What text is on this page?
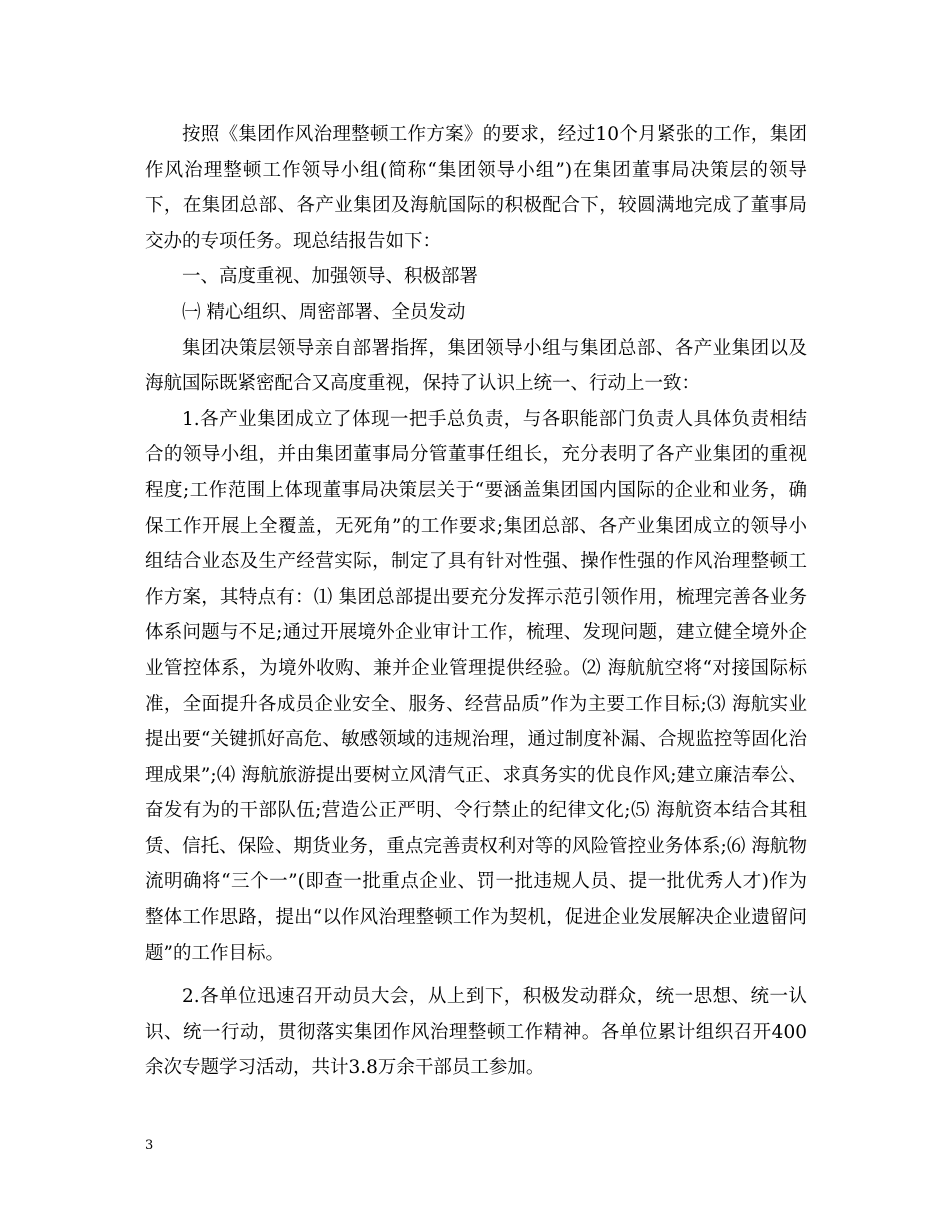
按照《集团作风治理整顿工作方案》的要求，经过10个月紧张的工作，集团作风治理整顿工作领导小组(简称“集团领导小组”)在集团董事局决策层的领导下，在集团总部、各产业集团及海航国际的积极配合下，较圆满地完成了董事局交办的专项任务。现总结报告如下：

一、高度重视、加强领导、积极部署

㈠ 精心组织、周密部署、全员发动

集团决策层领导亲自部署指挥，集团领导小组与集团总部、各产业集团以及海航国际既紧密配合又高度重视，保持了认识上统一、行动上一致：

1.各产业集团成立了体现一把手总负责，与各职能部门负责人具体负责相结合的领导小组，并由集团董事局分管董事任组长，充分表明了各产业集团的重视程度;工作范围上体现董事局决策层关于“要涵盖集团国内国际的企业和业务，确保工作开展上全覆盖，无死角”的工作要求;集团总部、各产业集团成立的领导小组结合业态及生产经营实际，制定了具有针对性强、操作性强的作风治理整顿工作方案，其特点有：⑴ 集团总部提出要充分发挥示范引领作用，梳理完善各业务体系问题与不足;通过开展境外企业审计工作，梳理、发现问题，建立健全境外企业管控体系，为境外收购、兼并企业管理提供经验。⑵ 海航航空将“对接国际标准，全面提升各成员企业安全、服务、经营品质”作为主要工作目标;⑶ 海航实业提出要“关键抓好高危、敏感领域的违规治理，通过制度补漏、合规监控等固化治理成果”;⑷ 海航旅游提出要树立风清气正、求真务实的优良作风;建立廉洁奉公、奋发有为的干部队伍;营造公正严明、令行禁止的纪律文化;⑸ 海航资本结合其租赁、信托、保险、期货业务，重点完善责权利对等的风险管控业务体系;⑹ 海航物流明确将“三个一”(即查一批重点企业、罚一批违规人员、提一批优秀人才)作为整体工作思路，提出“以作风治理整顿工作为契机，促进企业发展解决企业遗留问题”的工作目标。

2.各单位迅速召开动员大会，从上到下，积极发动群众，统一思想、统一认识、统一行动，贯彻落实集团作风治理整顿工作精神。各单位累计组织召开400余次专题学习活动，共计3.8万余干部员工参加。

3
